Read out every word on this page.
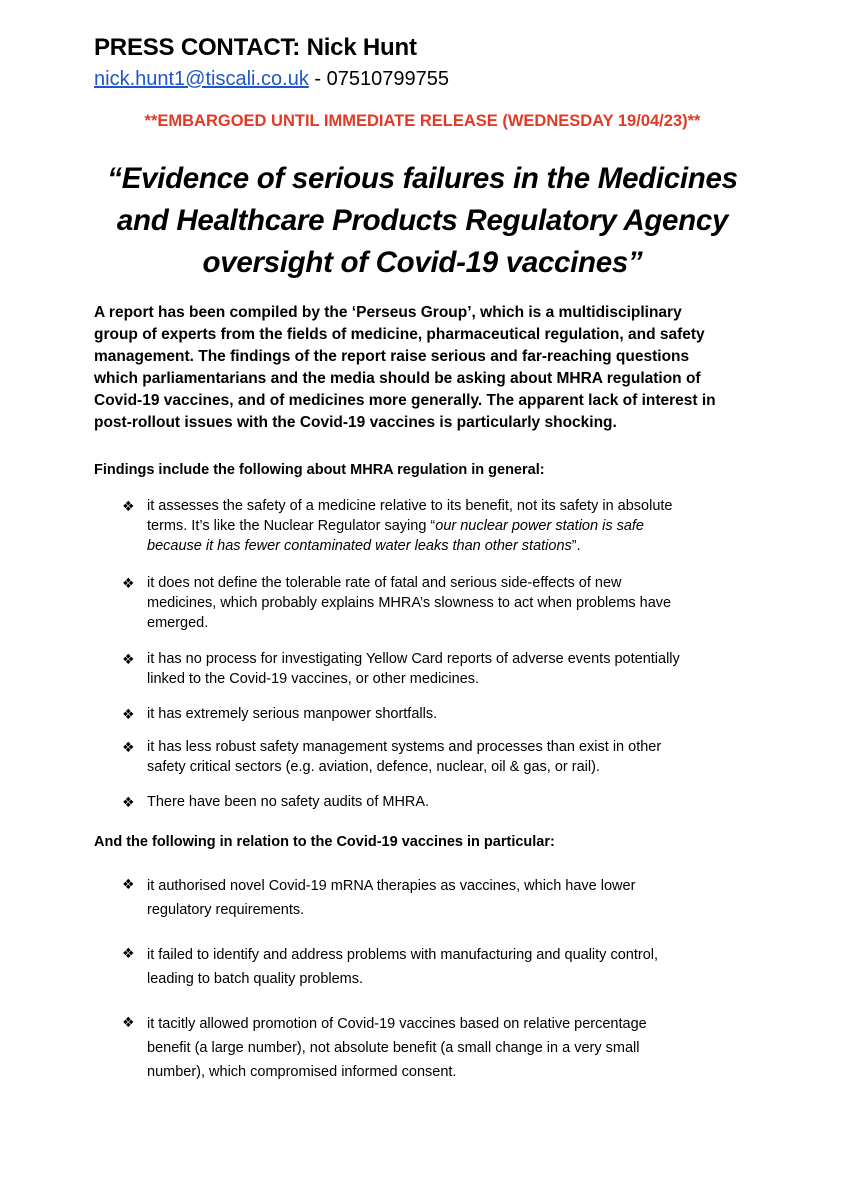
PRESS CONTACT: Nick Hunt
nick.hunt1@tiscali.co.uk - 07510799755
**EMBARGOED UNTIL IMMEDIATE RELEASE (WEDNESDAY 19/04/23)**
“Evidence of serious failures in the Medicines
and Healthcare Products Regulatory Agency
oversight of Covid-19 vaccines”
A report has been compiled by the ‘Perseus Group’, which is a multidisciplinary
group of experts from the fields of medicine, pharmaceutical regulation, and safety
management. The findings of the report raise serious and far-reaching questions
which parliamentarians and the media should be asking about MHRA regulation of
Covid-19 vaccines, and of medicines more generally. The apparent lack of interest in
post-rollout issues with the Covid-19 vaccines is particularly shocking.
Findings include the following about MHRA regulation in general:
❖ it assesses the safety of a medicine relative to its benefit, not its safety in absolute
terms. It’s like the Nuclear Regulator saying “our nuclear power station is safe
because it has fewer contaminated water leaks than other stations”.
❖ it does not define the tolerable rate of fatal and serious side-effects of new
medicines, which probably explains MHRA’s slowness to act when problems have
emerged.
❖ it has no process for investigating Yellow Card reports of adverse events potentially
linked to the Covid-19 vaccines, or other medicines.
❖ it has extremely serious manpower shortfalls.
❖ it has less robust safety management systems and processes than exist in other
safety critical sectors (e.g. aviation, defence, nuclear, oil & gas, or rail).
❖ There have been no safety audits of MHRA.
And the following in relation to the Covid-19 vaccines in particular:
❖ it authorised novel Covid-19 mRNA therapies as vaccines, which have lower
regulatory requirements.
❖ it failed to identify and address problems with manufacturing and quality control,
leading to batch quality problems.
❖ it tacitly allowed promotion of Covid-19 vaccines based on relative percentage
benefit (a large number), not absolute benefit (a small change in a very small
number), which compromised informed consent.
